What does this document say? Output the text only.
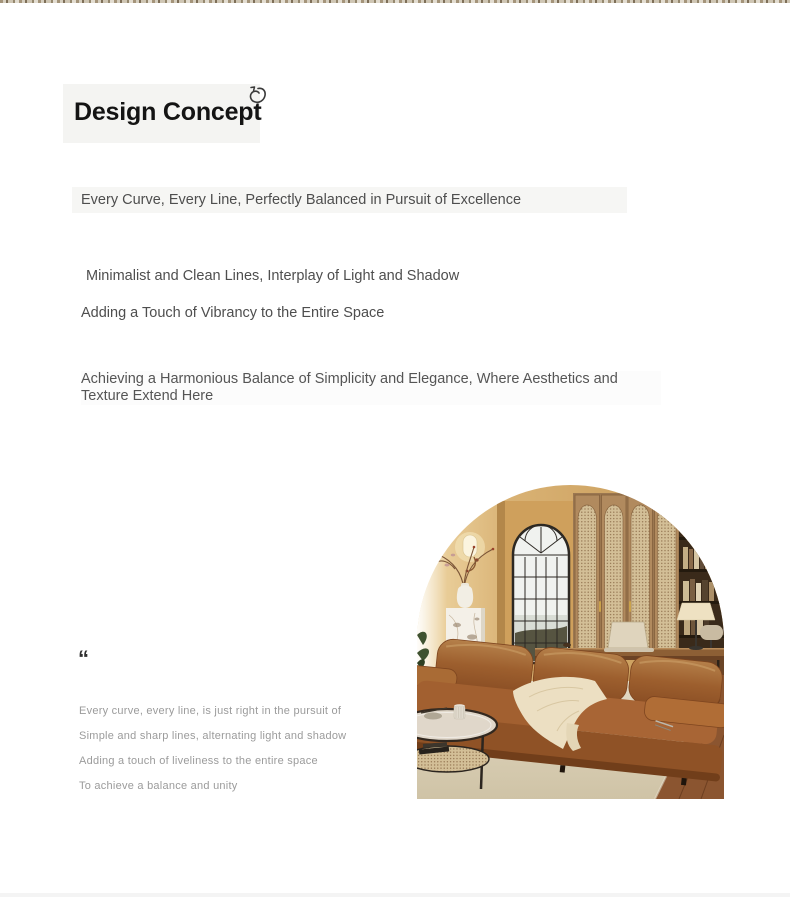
Design Concept
Every Curve, Every Line, Perfectly Balanced in Pursuit of Excellence
Minimalist and Clean Lines, Interplay of Light and Shadow
Adding a Touch of Vibrancy to the Entire Space
Achieving a Harmonious Balance of Simplicity and Elegance, Where Aesthetics and
Texture Extend Here
“
Every curve, every line, is just right in the pursuit of
Simple and sharp lines, alternating light and shadow
Adding a touch of liveliness to the entire space
To achieve a balance and unity
